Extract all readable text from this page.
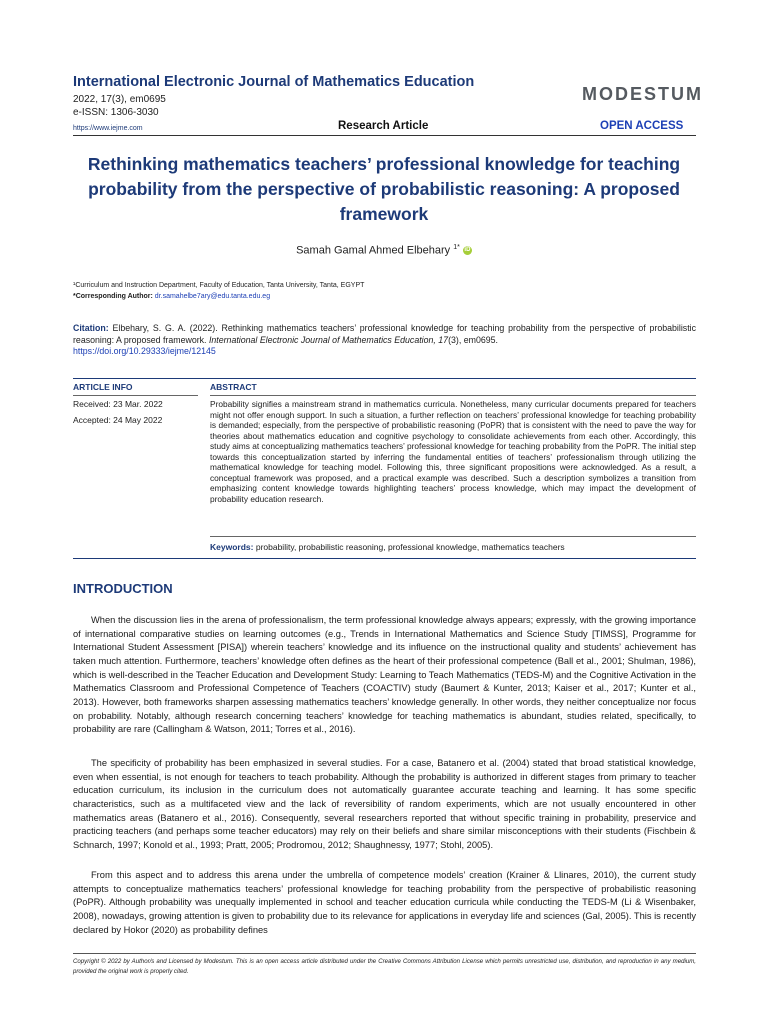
International Electronic Journal of Mathematics Education
2022, 17(3), em0695
e-ISSN: 1306-3030
https://www.iejme.com
MODESTUM
Research Article	OPEN ACCESS
Rethinking mathematics teachers’ professional knowledge for teaching probability from the perspective of probabilistic reasoning: A proposed framework
Samah Gamal Ahmed Elbehary $^{1*}$ iD
¹Curriculum and Instruction Department, Faculty of Education, Tanta University, Tanta, EGYPT
*Corresponding Author: dr.samahelbe7ary@edu.tanta.edu.eg
Citation: Elbehary, S. G. A. (2022). Rethinking mathematics teachers’ professional knowledge for teaching probability from the perspective of probabilistic reasoning: A proposed framework. International Electronic Journal of Mathematics Education, 17(3), em0695.
https://doi.org/10.29333/iejme/12145
ARTICLE INFO	ABSTRACT
Received: 23 Mar. 2022
Accepted: 24 May 2022
Probability signifies a mainstream strand in mathematics curricula. Nonetheless, many curricular documents prepared for teachers might not offer enough support. In such a situation, a further reflection on teachers’ professional knowledge for teaching probability is demanded; especially, from the perspective of probabilistic reasoning (PoPR) that is consistent with the need to pave the way for theories about mathematics education and cognitive psychology to consolidate achievements from each other. Accordingly, this study aims at conceptualizing mathematics teachers’ professional knowledge for teaching probability from the PoPR. The initial step towards this conceptualization started by inferring the fundamental entities of teachers’ professionalism through utilizing the mathematical knowledge for teaching model. Following this, three significant propositions were acknowledged. As a result, a conceptual framework was proposed, and a practical example was described. Such a description symbolizes a transition from emphasizing content knowledge towards highlighting teachers’ process knowledge, which may impact the development of probability education research.
Keywords: probability, probabilistic reasoning, professional knowledge, mathematics teachers
INTRODUCTION
When the discussion lies in the arena of professionalism, the term professional knowledge always appears; expressly, with the growing importance of international comparative studies on learning outcomes (e.g., Trends in International Mathematics and Science Study [TIMSS], Programme for International Student Assessment [PISA]) wherein teachers’ knowledge and its influence on the instructional quality and students’ achievement has taken much attention. Furthermore, teachers’ knowledge often defines as the heart of their professional competence (Ball et al., 2001; Shulman, 1986), which is well-described in the Teacher Education and Development Study: Learning to Teach Mathematics (TEDS-M) and the Cognitive Activation in the Mathematics Classroom and Professional Competence of Teachers (COACTIV) study (Baumert & Kunter, 2013; Kaiser et al., 2017; Kunter et al., 2013). However, both frameworks sharpen assessing mathematics teachers’ knowledge generally. In other words, they neither conceptualize nor focus on probability. Notably, although research concerning teachers’ knowledge for teaching mathematics is abundant, studies related, specifically, to probability are rare (Callingham & Watson, 2011; Torres et al., 2016).
The specificity of probability has been emphasized in several studies. For a case, Batanero et al. (2004) stated that broad statistical knowledge, even when essential, is not enough for teachers to teach probability. Although the probability is authorized in different stages from primary to teacher education curriculum, its inclusion in the curriculum does not automatically guarantee accurate teaching and learning. It has some specific characteristics, such as a multifaceted view and the lack of reversibility of random experiments, which are not usually encountered in other mathematics areas (Batanero et al., 2016). Consequently, several researchers reported that without specific training in probability, preservice and practicing teachers (and perhaps some teacher educators) may rely on their beliefs and share similar misconceptions with their students (Fischbein & Schnarch, 1997; Konold et al., 1993; Pratt, 2005; Prodromou, 2012; Shaughnessy, 1977; Stohl, 2005).
From this aspect and to address this arena under the umbrella of competence models’ creation (Krainer & Llinares, 2010), the current study attempts to conceptualize mathematics teachers’ professional knowledge for teaching probability from the perspective of probabilistic reasoning (PoPR). Although probability was unequally implemented in school and teacher education curricula while conducting the TEDS-M (Li & Wisenbaker, 2008), nowadays, growing attention is given to probability due to its relevance for applications in everyday life and sciences (Gal, 2005). This is recently declared by Hokor (2020) as probability defines
Copyright © 2022 by Author/s and Licensed by Modestum. This is an open access article distributed under the Creative Commons Attribution License which permits unrestricted use, distribution, and reproduction in any medium, provided the original work is properly cited.
